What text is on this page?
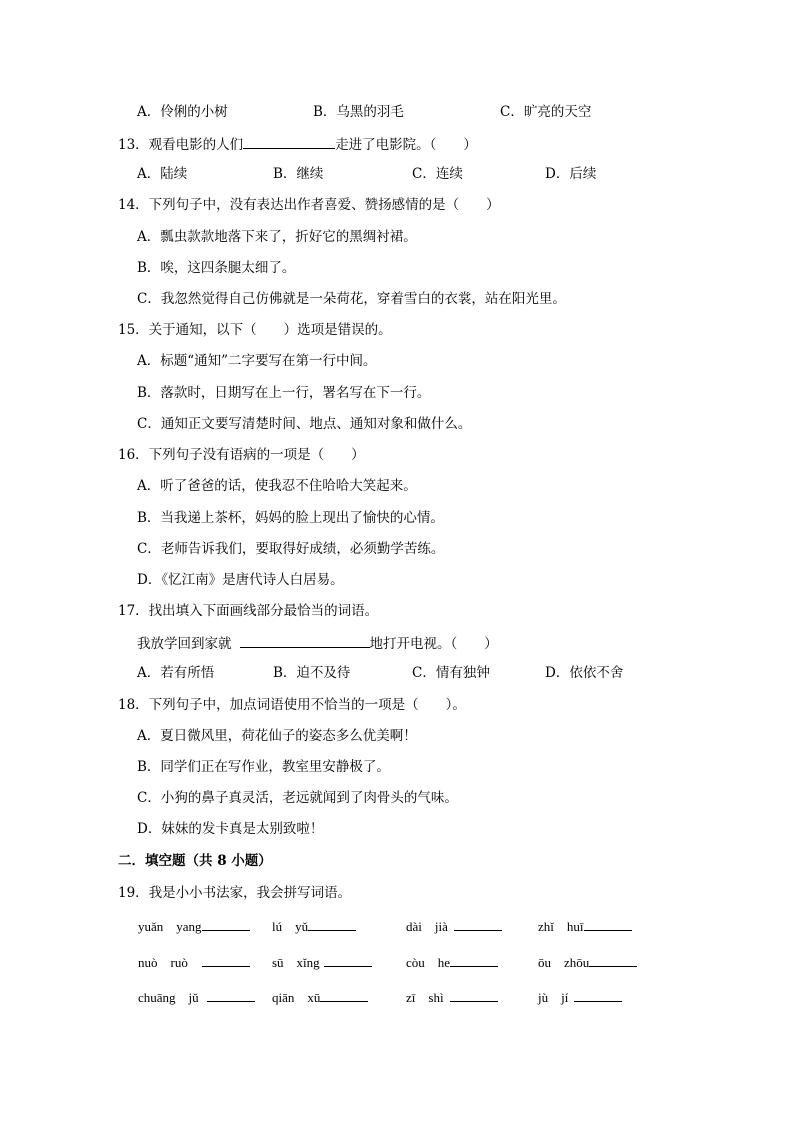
A．伶俐的小树	B．乌黑的羽毛	C．旷亮的天空
13．观看电影的人们	走进了电影院。（　　）
A．陆续	B．继续	C．连续	D．后续
14．下列句子中，没有表达出作者喜爱、赞扬感情的是（　　）
A．瓢虫款款地落下来了，折好它的黑绸衬裙。
B．唉，这四条腿太细了。
C．我忽然觉得自己仿佛就是一朵荷花，穿着雪白的衣裳，站在阳光里。
15．关于通知，以下（　　）选项是错误的。
A．标题“通知”二字要写在第一行中间。
B．落款时，日期写在上一行，署名写在下一行。
C．通知正文要写清楚时间、地点、通知对象和做什么。
16．下列句子没有语病的一项是（　　）
A．听了爸爸的话，使我忍不住哈哈大笑起来。
B．当我递上茶杯，妈妈的脸上现出了愉快的心情。
C．老师告诉我们，要取得好成绩，必须勤学苦练。
D．《忆江南》是唐代诗人白居易。
17．找出填入下面画线部分最恰当的词语。
我放学回到家就	地打开电视。（　　）
A．若有所悟	B．迫不及待	C．情有独钟	D．依依不舍
18．下列句子中，加点词语使用不恰当的一项是（　　）。
A．夏日微风里，荷花仙子的姿态多么优美啊！
B．同学们正在写作业，教室里安静极了。
C．小狗的鼻子真灵活，老远就闻到了肉骨头的气味。
D．妹妹的发卡真是太别致啦！
二．填空题（共 8 小题）
19．我是小小书法家，我会拼写词语。
yuǎn　yang	lú　yǔ	dài　jià	zhǐ　huī
nuò　ruò	sū　xǐng	còu　he	ōu　zhōu
chuāng　jǔ	qiān　xū	zī　shì	jù　jí
